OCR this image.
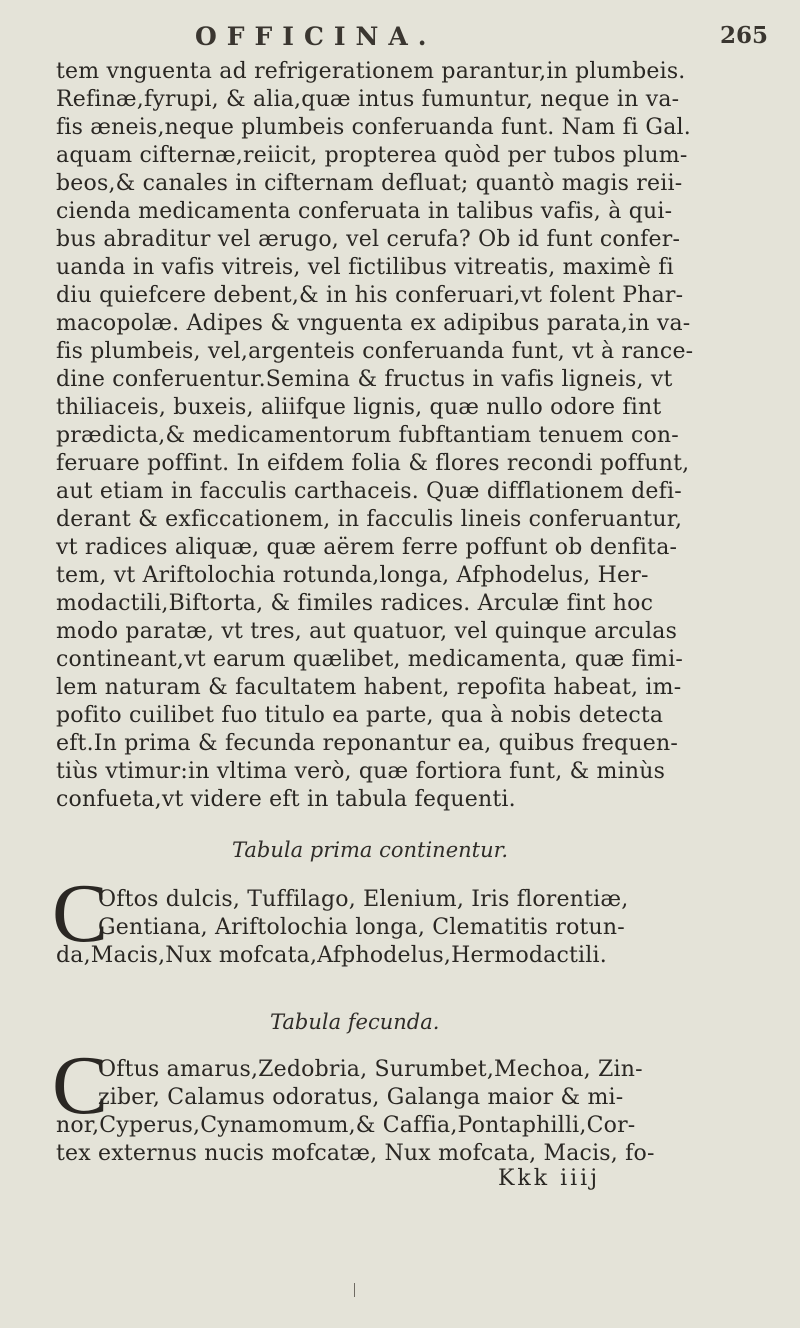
OFFICINA.	265
tem vnguenta ad refrigerationem parantur,in plumbeis.
Refinæ,fyrupi, & alia,quæ intus fumuntur, neque in va-
fis æneis,neque plumbeis conferuanda funt. Nam fi Gal.
aquam cifternæ,reiicit, propterea quòd per tubos plum-
beos,& canales in cifternam defluat; quantò magis reii-
cienda medicamenta conferuata in talibus vafis, à qui-
bus abraditur vel ærugo, vel cerufa? Ob id funt confer-
uanda in vafis vitreis, vel fictilibus vitreatis, maximè fi
diu quiefcere debent,& in his conferuari,vt folent Phar-
macopolæ. Adipes & vnguenta ex adipibus parata,in va-
fis plumbeis, vel,argenteis conferuanda funt, vt à rance-
dine conferuentur.Semina & fructus in vafis ligneis, vt
thiliaceis, buxeis, aliifque lignis, quæ nullo odore fint
prædicta,& medicamentorum fubftantiam tenuem con-
feruare poffint. In eifdem folia & flores recondi poffunt,
aut etiam in facculis carthaceis. Quæ difflationem defi-
derant & exficcationem, in facculis lineis conferuantur,
vt radices aliquæ, quæ aërem ferre poffunt ob denfita-
tem, vt Ariftolochia rotunda,longa, Afphodelus, Her-
modactili,Biftorta, & fimiles radices. Arculæ fint hoc
modo paratæ, vt tres, aut quatuor, vel quinque arculas
contineant,vt earum quælibet, medicamenta, quæ fimi-
lem naturam & facultatem habent, repofita habeat, im-
pofito cuilibet fuo titulo ea parte, qua à nobis detecta
eft.In prima & fecunda reponantur ea, quibus frequen-
tiùs vtimur:in vltima verò, quæ fortiora funt, & minùs
confueta,vt videre eft in tabula fequenti.
Tabula prima continentur.
C
Oftos dulcis, Tuffilago, Elenium, Iris florentiæ,
Gentiana, Ariftolochia longa, Clematitis rotun-
da,Macis,Nux mofcata,Afphodelus,Hermodactili.
Tabula fecunda.
C
Oftus amarus,Zedobria, Surumbet,Mechoa, Zin-
ziber, Calamus odoratus, Galanga maior & mi-
nor,Cyperus,Cynamomum,& Caffia,Pontaphilli,Cor-
tex externus nucis mofcatæ, Nux mofcata, Macis, fo-
Kkk iiij
